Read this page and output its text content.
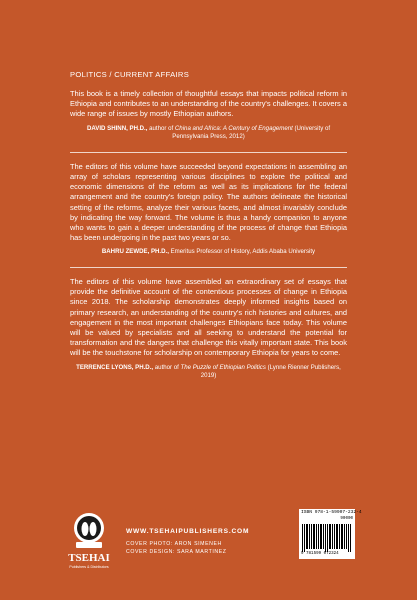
POLITICS / CURRENT AFFAIRS

This book is a timely collection of thoughtful essays that impacts political reform in Ethiopia and contributes to an understanding of the country's challenges. It covers a wide range of issues by mostly Ethiopian authors.

DAVID SHINN, PH.D., author of China and Africa: A Century of Engagement (University of Pennsylvania Press, 2012)

The editors of this volume have succeeded beyond expectations in assembling an array of scholars representing various disciplines to explore the political and economic dimensions of the reform as well as its implications for the federal arrangement and the country's foreign policy. The authors delineate the historical setting of the reforms, analyze their various facets, and almost invariably conclude by indicating the way forward. The volume is thus a handy companion to anyone who wants to gain a deeper understanding of the process of change that Ethiopia has been undergoing in the past two years or so.

BAHRU ZEWDE, PH.D., Emeritus Professor of History, Addis Ababa University

The editors of this volume have assembled an extraordinary set of essays that provide the definitive account of the contentious processes of change in Ethiopia since 2018. The scholarship demonstrates deeply informed insights based on primary research, an understanding of the country's rich histories and cultures, and engagement in the most important challenges Ethiopians face today. This volume will be valued by specialists and all seeking to understand the potential for transformation and the dangers that challenge this vitally important state. This book will be the touchstone for scholarship on contemporary Ethiopia for years to come.

TERRENCE LYONS, PH.D., author of The Puzzle of Ethiopian Politics (Lynne Rienner Publishers, 2019)

TSEHAI
Publishers & Distributors
WWW.TSEHAIPUBLISHERS.COM
COVER PHOTO: ARON SIMENEH
COVER DESIGN: SARA MARTINEZ
ISBN 978-1-59907-232-4
90000
9 781599 072324
